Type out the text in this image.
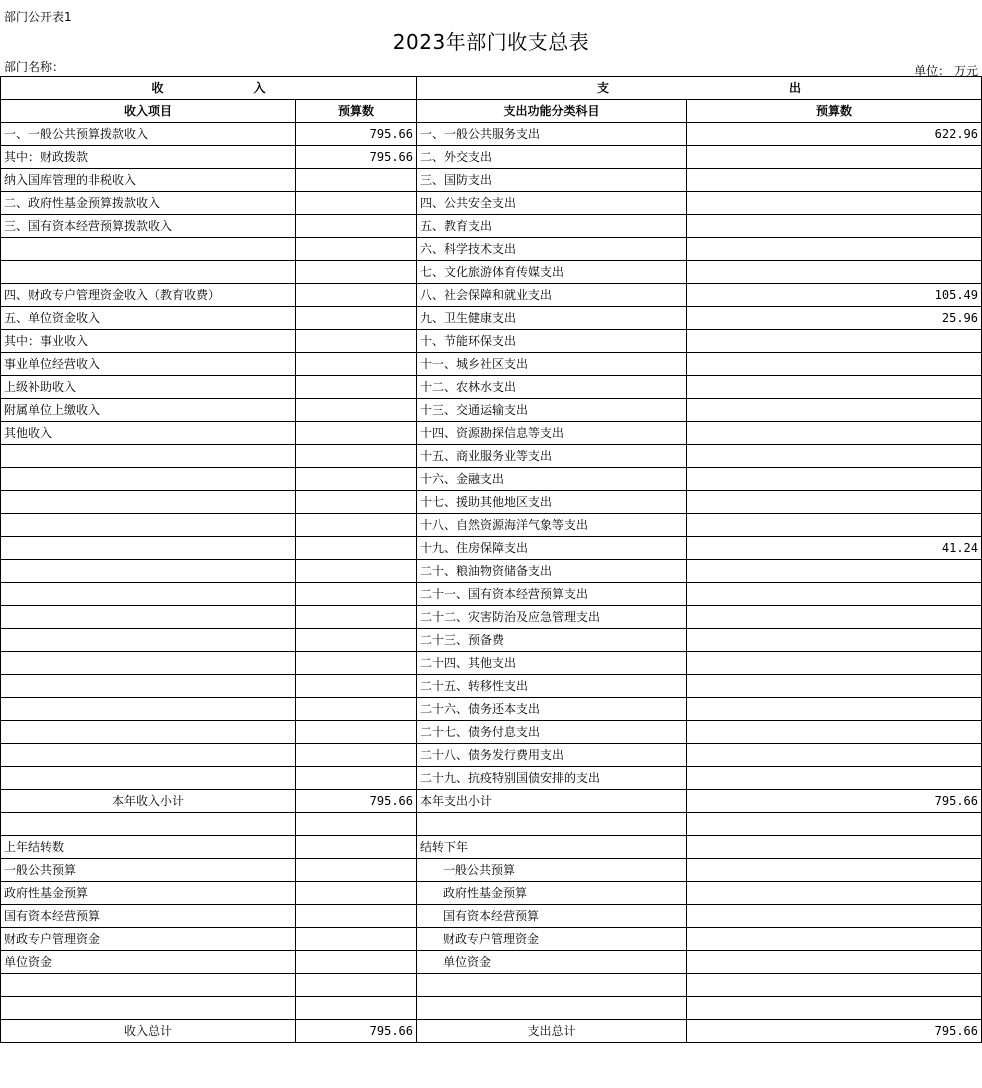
部门公开表1
2023年部门收支总表
部门名称：	单位： 万元
收 入		支 出	
收入项目	预算数	支出功能分类科目	预算数
一、一般公共预算拨款收入	795.66	一、一般公共服务支出	622.96
其中：财政拨款	795.66	二、外交支出	
纳入国库管理的非税收入		三、国防支出	
二、政府性基金预算拨款收入		四、公共安全支出	
三、国有资本经营预算拨款收入		五、教育支出	
		六、科学技术支出	
		七、文化旅游体育传媒支出	
四、财政专户管理资金收入（教育收费）		八、社会保障和就业支出	105.49
五、单位资金收入		九、卫生健康支出	25.96
其中：事业收入		十、节能环保支出	
事业单位经营收入		十一、城乡社区支出	
上级补助收入		十二、农林水支出	
附属单位上缴收入		十三、交通运输支出	
其他收入		十四、资源勘探信息等支出	
		十五、商业服务业等支出	
		十六、金融支出	
		十七、援助其他地区支出	
		十八、自然资源海洋气象等支出	
		十九、住房保障支出	41.24
		二十、粮油物资储备支出	
		二十一、国有资本经营预算支出	
		二十二、灾害防治及应急管理支出	
		二十三、预备费	
		二十四、其他支出	
		二十五、转移性支出	
		二十六、债务还本支出	
		二十七、债务付息支出	
		二十八、债务发行费用支出	
		二十九、抗疫特别国债安排的支出	
本年收入小计	795.66	本年支出小计	795.66

上年结转数		结转下年	
一般公共预算		一般公共预算	
政府性基金预算		政府性基金预算	
国有资本经营预算		国有资本经营预算	
财政专户管理资金		财政专户管理资金	
单位资金		单位资金	

收入总计	795.66	支出总计	795.66
